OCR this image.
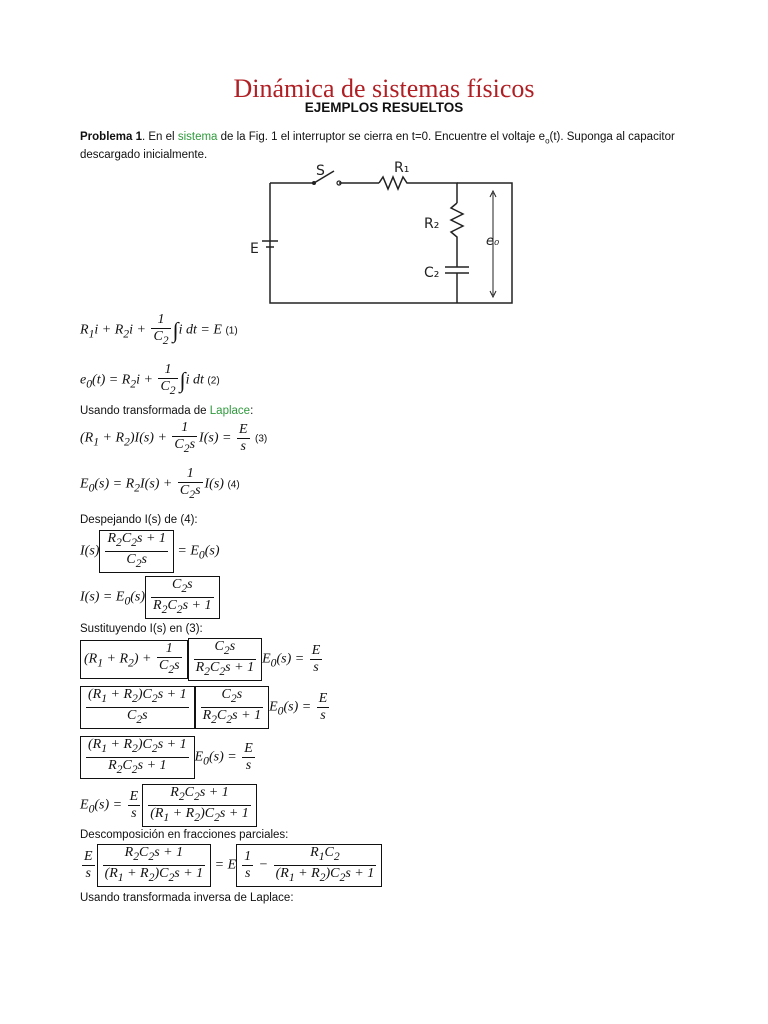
Dinámica de sistemas físicos
EJEMPLOS RESUELTOS
Problema 1. En el sistema de la Fig. 1 el interruptor se cierra en t=0. Encuentre el voltaje $e_o(t)$. Suponga al capacitor
descargado inicialmente.
S	R₁
R₂
C₂
E	e₀
$R_1i + R_2i + \frac{1}{C_2} \int i$ dt = E (1)
$e_0(t) = R_2i + \frac{1}{C_2} \int i$ dt (2)
Usando transformada de Laplace:
$(R_1 + R_2)I(s) + \frac{1}{C_2s} I(s) = \frac{E}{s} (3)$
$E_0(s) = R_2I(s) + \frac{1}{C_2s} I(s)$ (4)
Despejando I(s) de (4):
$I(s) \frac{R_2C_2s + 1}{C_2s} = E_0(s)$
$I(s) = E_0(s) \frac{C_2s}{R_2C_2s + 1}$
Sustituyendo I(s) en (3):
$(R_1 + R_2) + \frac{1}{C_2s} \frac{C_2s}{R_2C_2s + 1} E_0(s) = \frac{E}{s}$
$\frac{(R_1 + R_2)C_2s + 1}{C_2s} \frac{C_2s}{R_2C_2s + 1} E_0(s) = \frac{E}{s}$
$\frac{(R_1 + R_2)C_2s + 1}{R_2C_2s + 1} E_0(s) = \frac{E}{s}$
$E_0(s) = \frac{E}{s} \frac{R_2C_2s + 1}{(R_1 + R_2)C_2s + 1}$
Descomposición en fracciones parciales:
$\frac{E}{s} \frac{R_2C_2s + 1}{(R_1 + R_2)C_2s + 1} = E \frac{1}{s} - \frac{R_1C_2}{(R_1 + R_2)C_2s + 1}$
Usando transformada inversa de Laplace:
